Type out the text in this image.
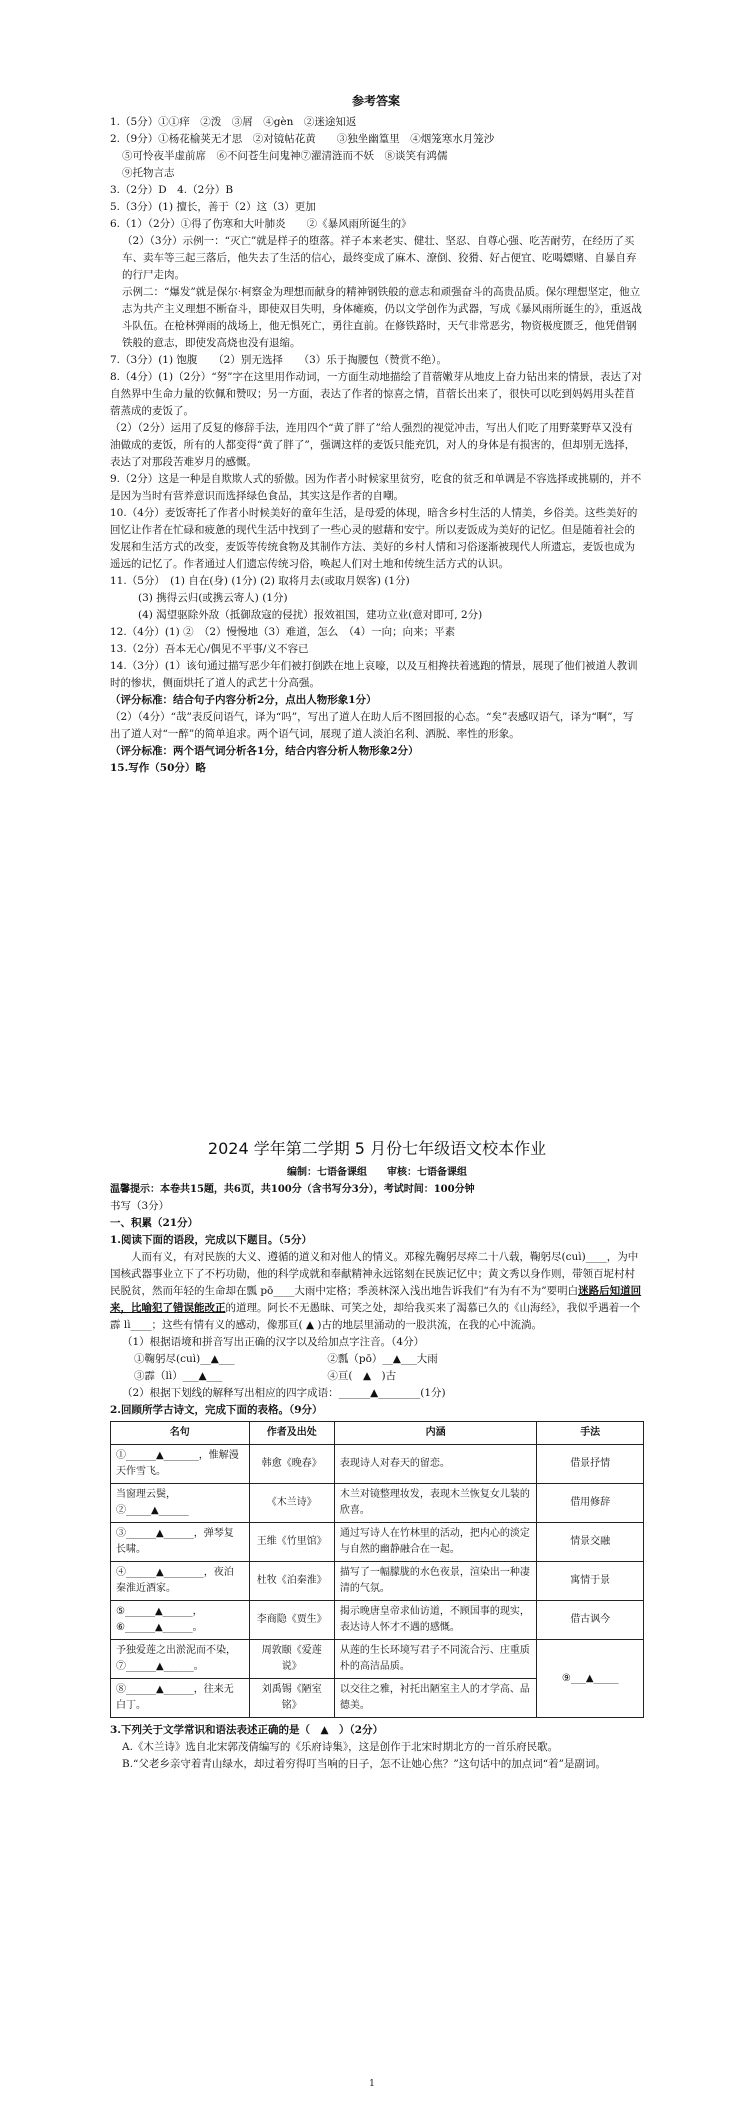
参考答案

1.（5分）①①痒　②泼　③屑　④gèn　②迷途知返

2.（9分）①杨花榆荚无才思　②对镜帖花黄　　③独坐幽篁里　④烟笼寒水月笼沙

⑤可怜夜半虚前席　⑥不问苍生问鬼神⑦濯清涟而不妖　⑧谈笑有鸿儒

⑨托物言志

3.（2分）D　4.（2分）B

5.（3分）(1) 擅长，善于（2）这（3）更加

6.（1）（2分）①得了伤寒和大叶肺炎　　②《暴风雨所诞生的》

（2）（3分）示例一：“灭亡”就是样子的堕落。祥子本来老实、健壮、坚忍、自尊心强、吃苦耐劳，在经历了买车、卖车等三起三落后，他失去了生活的信心，最终变成了麻木、潦倒、狡猾、好占便宜、吃喝嫖赌、自暴自弃的行尸走肉。

示例二：“爆发”就是保尔·柯察金为理想而献身的精神钢铁般的意志和顽强奋斗的高贵品质。保尔理想坚定，他立志为共产主义理想不断奋斗，即使双目失明，身体瘫痪，仍以文学创作为武器，写成《暴风雨所诞生的》，重返战斗队伍。在枪林弹雨的战场上，他无惧死亡，勇往直前。在修铁路时，天气非常恶劣，物资极度匮乏，他凭借钢铁般的意志，即使发高烧也没有退缩。

7.（3分）(1) 饱腹　　（2）别无选择　　（3）乐于掏腰包（赞赏不绝）。

8.（4分）(1)（2分）“努”字在这里用作动词，一方面生动地描绘了苜蓿嫩芽从地皮上奋力钻出来的情景，表达了对自然界中生命力量的钦佩和赞叹；另一方面，表达了作者的惊喜之情，苜蓿长出来了，很快可以吃到妈妈用头茬苜蓿蒸成的麦饭了。

（2）（2分）运用了反复的修辞手法，连用四个“黄了胖了”给人强烈的视觉冲击，写出人们吃了用野菜野草又没有油做成的麦饭，所有的人都变得“黄了胖了”，强调这样的麦饭只能充饥，对人的身体是有损害的，但却别无选择，表达了对那段苦难岁月的感慨。

9.（2分）这是一种是自欺欺人式的骄傲。因为作者小时候家里贫穷，吃食的贫乏和单调是不容选择或挑剔的，并不是因为当时有营养意识而选择绿色食品，其实这是作者的自嘲。

10.（4分）麦饭寄托了作者小时候美好的童年生活，是母爱的体现，暗含乡村生活的人情美，乡俗美。这些美好的回忆让作者在忙碌和疲惫的现代生活中找到了一些心灵的慰藉和安宁。所以麦饭成为美好的记忆。但是随着社会的发展和生活方式的改变，麦饭等传统食物及其制作方法、美好的乡村人情和习俗逐渐被现代人所遗忘，麦饭也成为遥远的记忆了。作者通过人们遗忘传统习俗，唤起人们对土地和传统生活方式的认识。

11.（5分）　(1) 自在(身) (1分) (2) 取将月去(或取月娱客) (1分)

(3) 携得云归(或携云寄人) (1分)

(4) 渴望驱除外敌（抵御敌寇的侵扰）报效祖国，建功立业(意对即可, 2分)

12.（4分）(1) ②　（2）慢慢地（3）难道，怎么　（4）一向；向来；平素

13.（2分）吾本无心/偶见不平事/义不容已

14.（3分）(1）该句通过描写恶少年们被打倒跌在地上哀嚎，以及互相搀扶着逃跑的情景，展现了他们被道人教训时的惨状，侧面烘托了道人的武艺十分高强。

（评分标准：结合句子内容分析2分，点出人物形象1分）

（2）（4分）“哉”表反问语气，译为“吗”，写出了道人在助人后不图回报的心态。“矣”表感叹语气，译为“啊”，写出了道人对“一醉”的简单追求。两个语气词，展现了道人淡泊名利、洒脱、率性的形象。

（评分标准：两个语气词分析各1分，结合内容分析人物形象2分）

15.写作（50分）略

2024 学年第二学期 5 月份七年级语文校本作业

编制：七语备课组　　审核：七语备课组

温馨提示：本卷共15题，共6页，共100分（含书写分3分），考试时间：100分钟

书写（3分）

一、积累（21分）

1.阅读下面的语段，完成以下题目。（5分）

人而有义，有对民族的大义、遵循的道义和对他人的情义。邓稼先鞠躬尽瘁二十八载，鞠躬尽(cuì)____，为中国核武器事业立下了不朽功勋，他的科学成就和奉献精神永远铭刻在民族记忆中；黄文秀以身作则，带领百坭村村民脱贫，然而年轻的生命却在瓢 pō____大雨中定格；季羡林深入浅出地告诉我们“有为有不为”要明白迷路后知道回来，比喻犯了错误能改正的道理。阿长不无愚昧、可笑之处，却给我买来了渴慕已久的《山海经》，我似乎遇着一个霹 lì____；这些有情有义的感动，像那亘( ▲ )古的地层里涌动的一股洪流，在我的心中流淌。

（1）根据语境和拼音写出正确的汉字以及给加点字注音。（4分）

①鞠躬尽(cuì)__▲___	②瓢（pō）__▲___大雨

③霹（lì）___▲___	④亘(　▲　)古

（2）根据下划线的解释写出相应的四字成语：______▲________(1分)

2.回顾所学古诗文，完成下面的表格。（9分）

名句	作者及出处	内涵	手法
①______▲_______，惟解漫天作雪飞。	韩愈《晚春》	表现诗人对春天的留恋。	借景抒情
当窗理云鬓，②_____▲______	《木兰诗》	木兰对镜整理妆发，表现木兰恢复女儿装的欣喜。	借用修辞
③______▲______，弹琴复长啸。	王维《竹里馆》	通过写诗人在竹林里的活动，把内心的淡定与自然的幽静融合在一起。	情景交融
④______▲________，夜泊秦淮近酒家。	杜牧《泊秦淮》	描写了一幅朦胧的水色夜景，渲染出一种凄清的气氛。	寓情于景
⑤______▲______，⑥______▲______。	李商隐《贾生》	揭示晚唐皇帝求仙访道，不顾国事的现实，表达诗人怀才不遇的感慨。	借古讽今
予独爱莲之出淤泥而不染，⑦______▲______。	周敦颐《爱莲说》	从莲的生长环境写君子不同流合污、庄重质朴的高洁品质。	⑨___▲_____
⑧______▲______，往来无白丁。	刘禹锡《陋室铭》	以交往之雅，衬托出陋室主人的才学高、品德美。	

3.下列关于文学常识和语法表述正确的是（　▲　）（2分）

A.《木兰诗》选自北宋郭茂倩编写的《乐府诗集》，这是创作于北宋时期北方的一首乐府民歌。

B.“父老乡亲守着青山绿水，却过着穷得叮当响的日子，怎不让她心焦？”这句话中的加点词“着”是副词。

1
